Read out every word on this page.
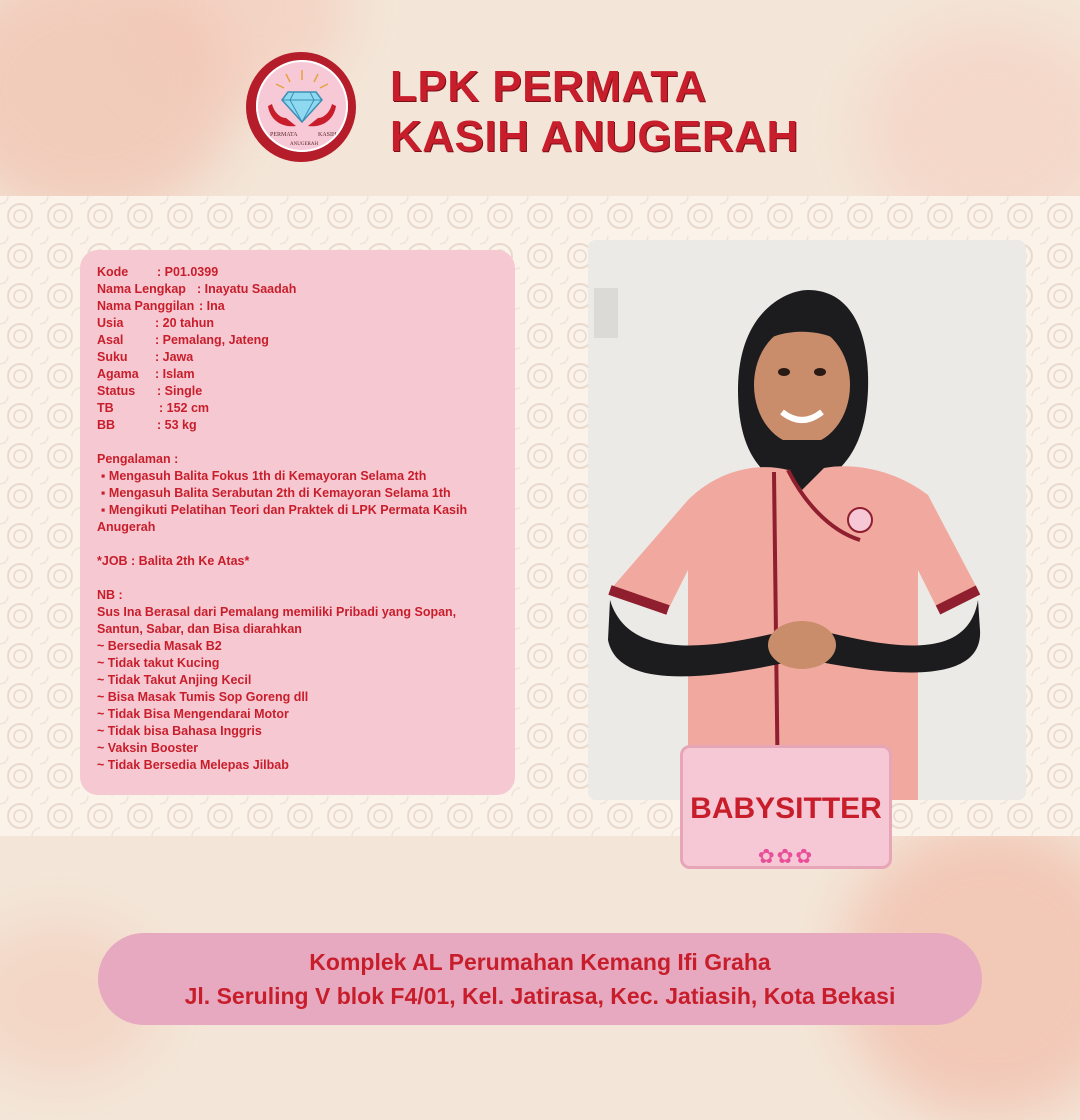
PERMATA	KASIH
ANUGERAH
LPK PERMATA
KASIH ANUGERAH
Kode	: P01.0399
Nama Lengkap : Inayatu Saadah
Nama Panggilan : Ina
Usia	: 20 tahun
Asal	: Pemalang, Jateng
Suku	: Jawa
Agama	: Islam
Status	: Single
TB	: 152 cm
BB	: 53 kg
Pengalaman :
▪ Mengasuh Balita Fokus 1th di Kemayoran Selama 2th
▪ Mengasuh Balita Serabutan 2th di Kemayoran Selama 1th
▪ Mengikuti Pelatihan Teori dan Praktek di LPK Permata Kasih
Anugerah
*JOB : Balita 2th Ke Atas*
NB :
Sus Ina Berasal dari Pemalang memiliki Pribadi yang Sopan,
Santun, Sabar, dan Bisa diarahkan
~ Bersedia Masak B2
~ Tidak takut Kucing
~ Tidak Takut Anjing Kecil
~ Bisa Masak Tumis Sop Goreng dll
~ Tidak Bisa Mengendarai Motor
~ Tidak bisa Bahasa Inggris
~ Vaksin Booster
~ Tidak Bersedia Melepas Jilbab
BABYSITTER
✿✿✿
Komplek AL Perumahan Kemang Ifi Graha
Jl. Seruling V blok F4/01, Kel. Jatirasa, Kec. Jatiasih, Kota Bekasi
